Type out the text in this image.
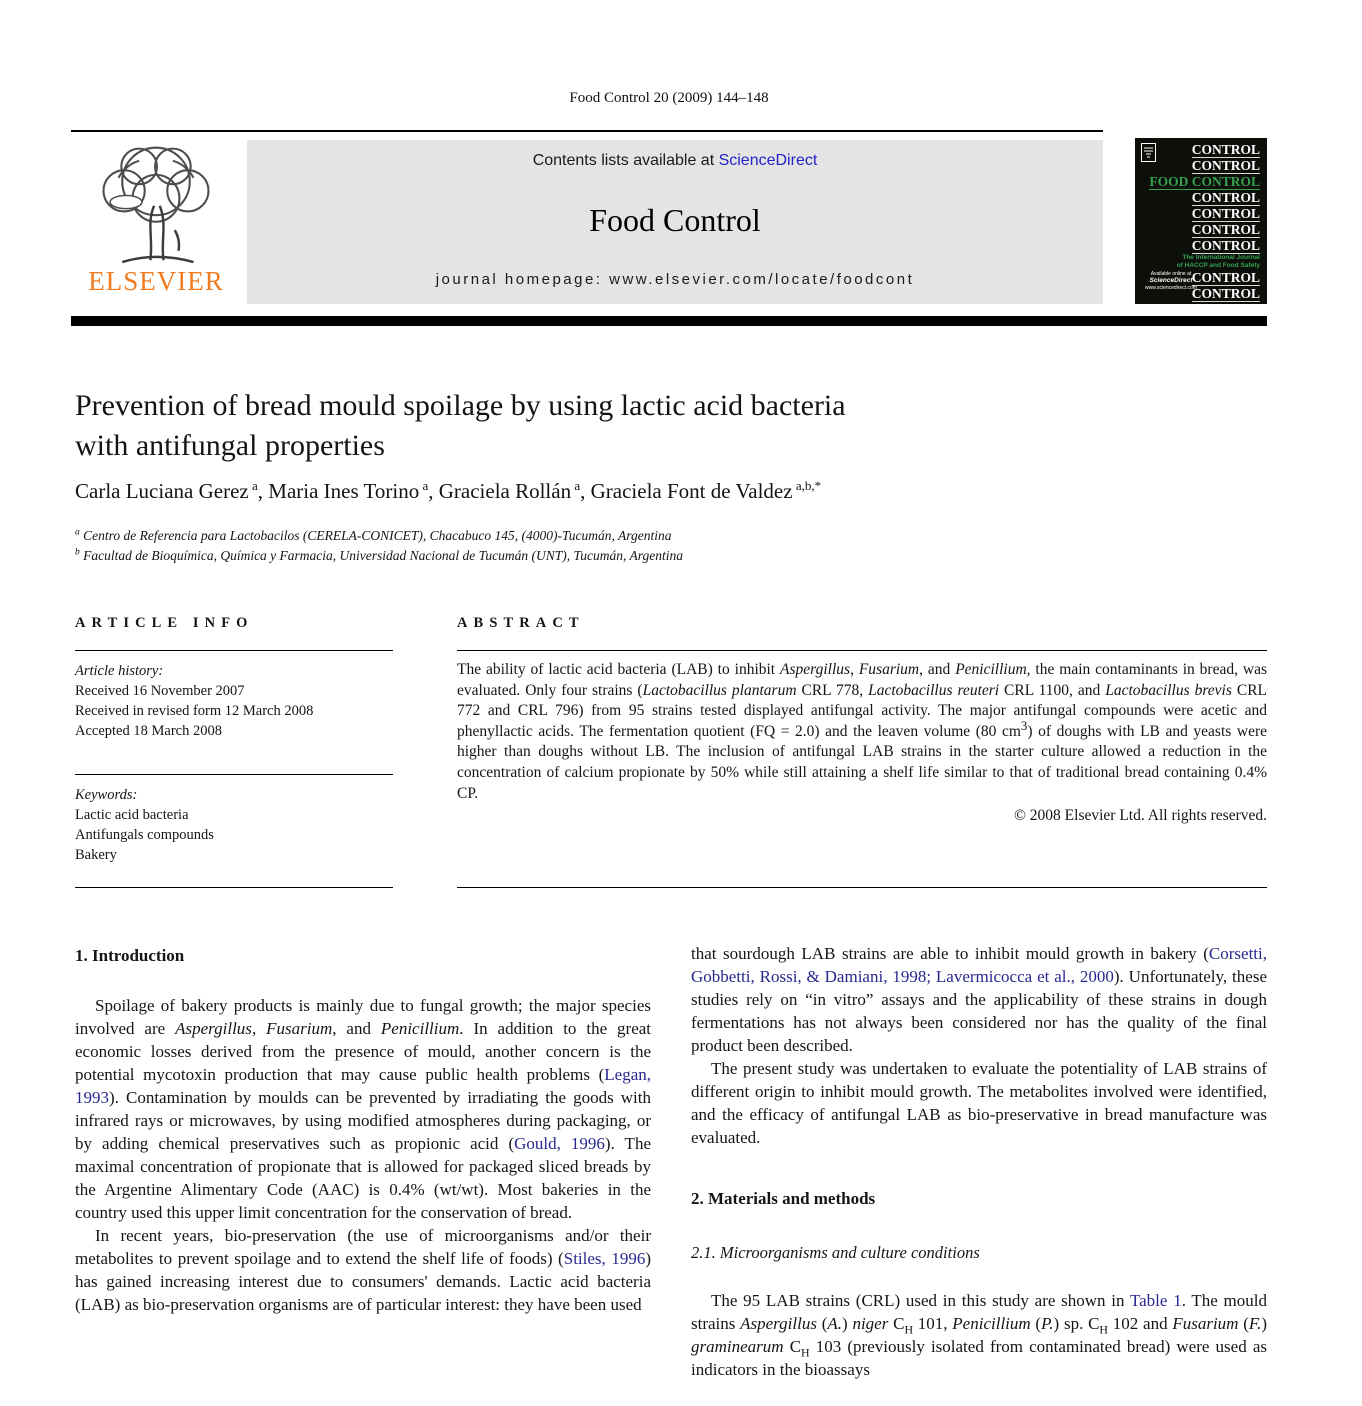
Food Control 20 (2009) 144–148
ELSEVIER
Contents lists available at ScienceDirect
Food Control
journal homepage: www.elsevier.com/locate/foodcont
CONTROL
CONTROL
FOOD CONTROL
CONTROL
CONTROL
CONTROL
CONTROL
The International Journal
of HACCP and Food Safety
CONTROL
CONTROL
Available online at
ScienceDirect
www.sciencedirect.com
Prevention of bread mould spoilage by using lactic acid bacteria
with antifungal properties
Carla Luciana Gerez $^a$, Maria Ines Torino $^a$, Graciela Rollán $^a$, Graciela Font de Valdez $^{a,b,*}$
$^a$ Centro de Referencia para Lactobacilos (CERELA-CONICET), Chacabuco 145, (4000)-Tucumán, Argentina
$^b$ Facultad de Bioquímica, Química y Farmacia, Universidad Nacional de Tucumán (UNT), Tucumán, Argentina
ARTICLE INFO
Article history:
Received 16 November 2007
Received in revised form 12 March 2008
Accepted 18 March 2008
Keywords:
Lactic acid bacteria
Antifungals compounds
Bakery
ABSTRACT
The ability of lactic acid bacteria (LAB) to inhibit Aspergillus, Fusarium, and Penicillium, the main contaminants in bread, was evaluated. Only four strains (Lactobacillus plantarum CRL 778, Lactobacillus reuteri CRL 1100, and Lactobacillus brevis CRL 772 and CRL 796) from 95 strains tested displayed antifungal activity. The major antifungal compounds were acetic and phenyllactic acids. The fermentation quotient (FQ = 2.0) and the leaven volume (80 $cm^3$) of doughs with LB and yeasts were higher than doughs without LB. The inclusion of antifungal LAB strains in the starter culture allowed a reduction in the concentration of calcium propionate by 50% while still attaining a shelf life similar to that of traditional bread containing 0.4% CP.
© 2008 Elsevier Ltd. All rights reserved.
1. Introduction

Spoilage of bakery products is mainly due to fungal growth; the major species involved are Aspergillus, Fusarium, and Penicillium. In addition to the great economic losses derived from the presence of mould, another concern is the potential mycotoxin production that may cause public health problems (Legan, 1993). Contamination by moulds can be prevented by irradiating the goods with infrared rays or microwaves, by using modified atmospheres during packaging, or by adding chemical preservatives such as propionic acid (Gould, 1996). The maximal concentration of propionate that is allowed for packaged sliced breads by the Argentine Alimentary Code (AAC) is 0.4% (wt/wt). Most bakeries in the country used this upper limit concentration for the conservation of bread.

In recent years, bio-preservation (the use of microorganisms and/or their metabolites to prevent spoilage and to extend the shelf life of foods) (Stiles, 1996) has gained increasing interest due to consumers' demands. Lactic acid bacteria (LAB) as bio-preservation organisms are of particular interest: they have been used

that sourdough LAB strains are able to inhibit mould growth in bakery (Corsetti, Gobbetti, Rossi, & Damiani, 1998; Lavermicocca et al., 2000). Unfortunately, these studies rely on “in vitro” assays and the applicability of these strains in dough fermentations has not always been considered nor has the quality of the final product been described.

The present study was undertaken to evaluate the potentiality of LAB strains of different origin to inhibit mould growth. The metabolites involved were identified, and the efficacy of antifungal LAB as bio-preservative in bread manufacture was evaluated.

2. Materials and methods
2.1. Microorganisms and culture conditions

The 95 LAB strains (CRL) used in this study are shown in Table 1. The mould strains Aspergillus (A.) niger $C_H$ 101, Penicillium (P.) sp. $C_H$ 102 and Fusarium (F.) graminearum $C_H$ 103 (previously isolated from contaminated bread) were used as indicators in the bioassays
